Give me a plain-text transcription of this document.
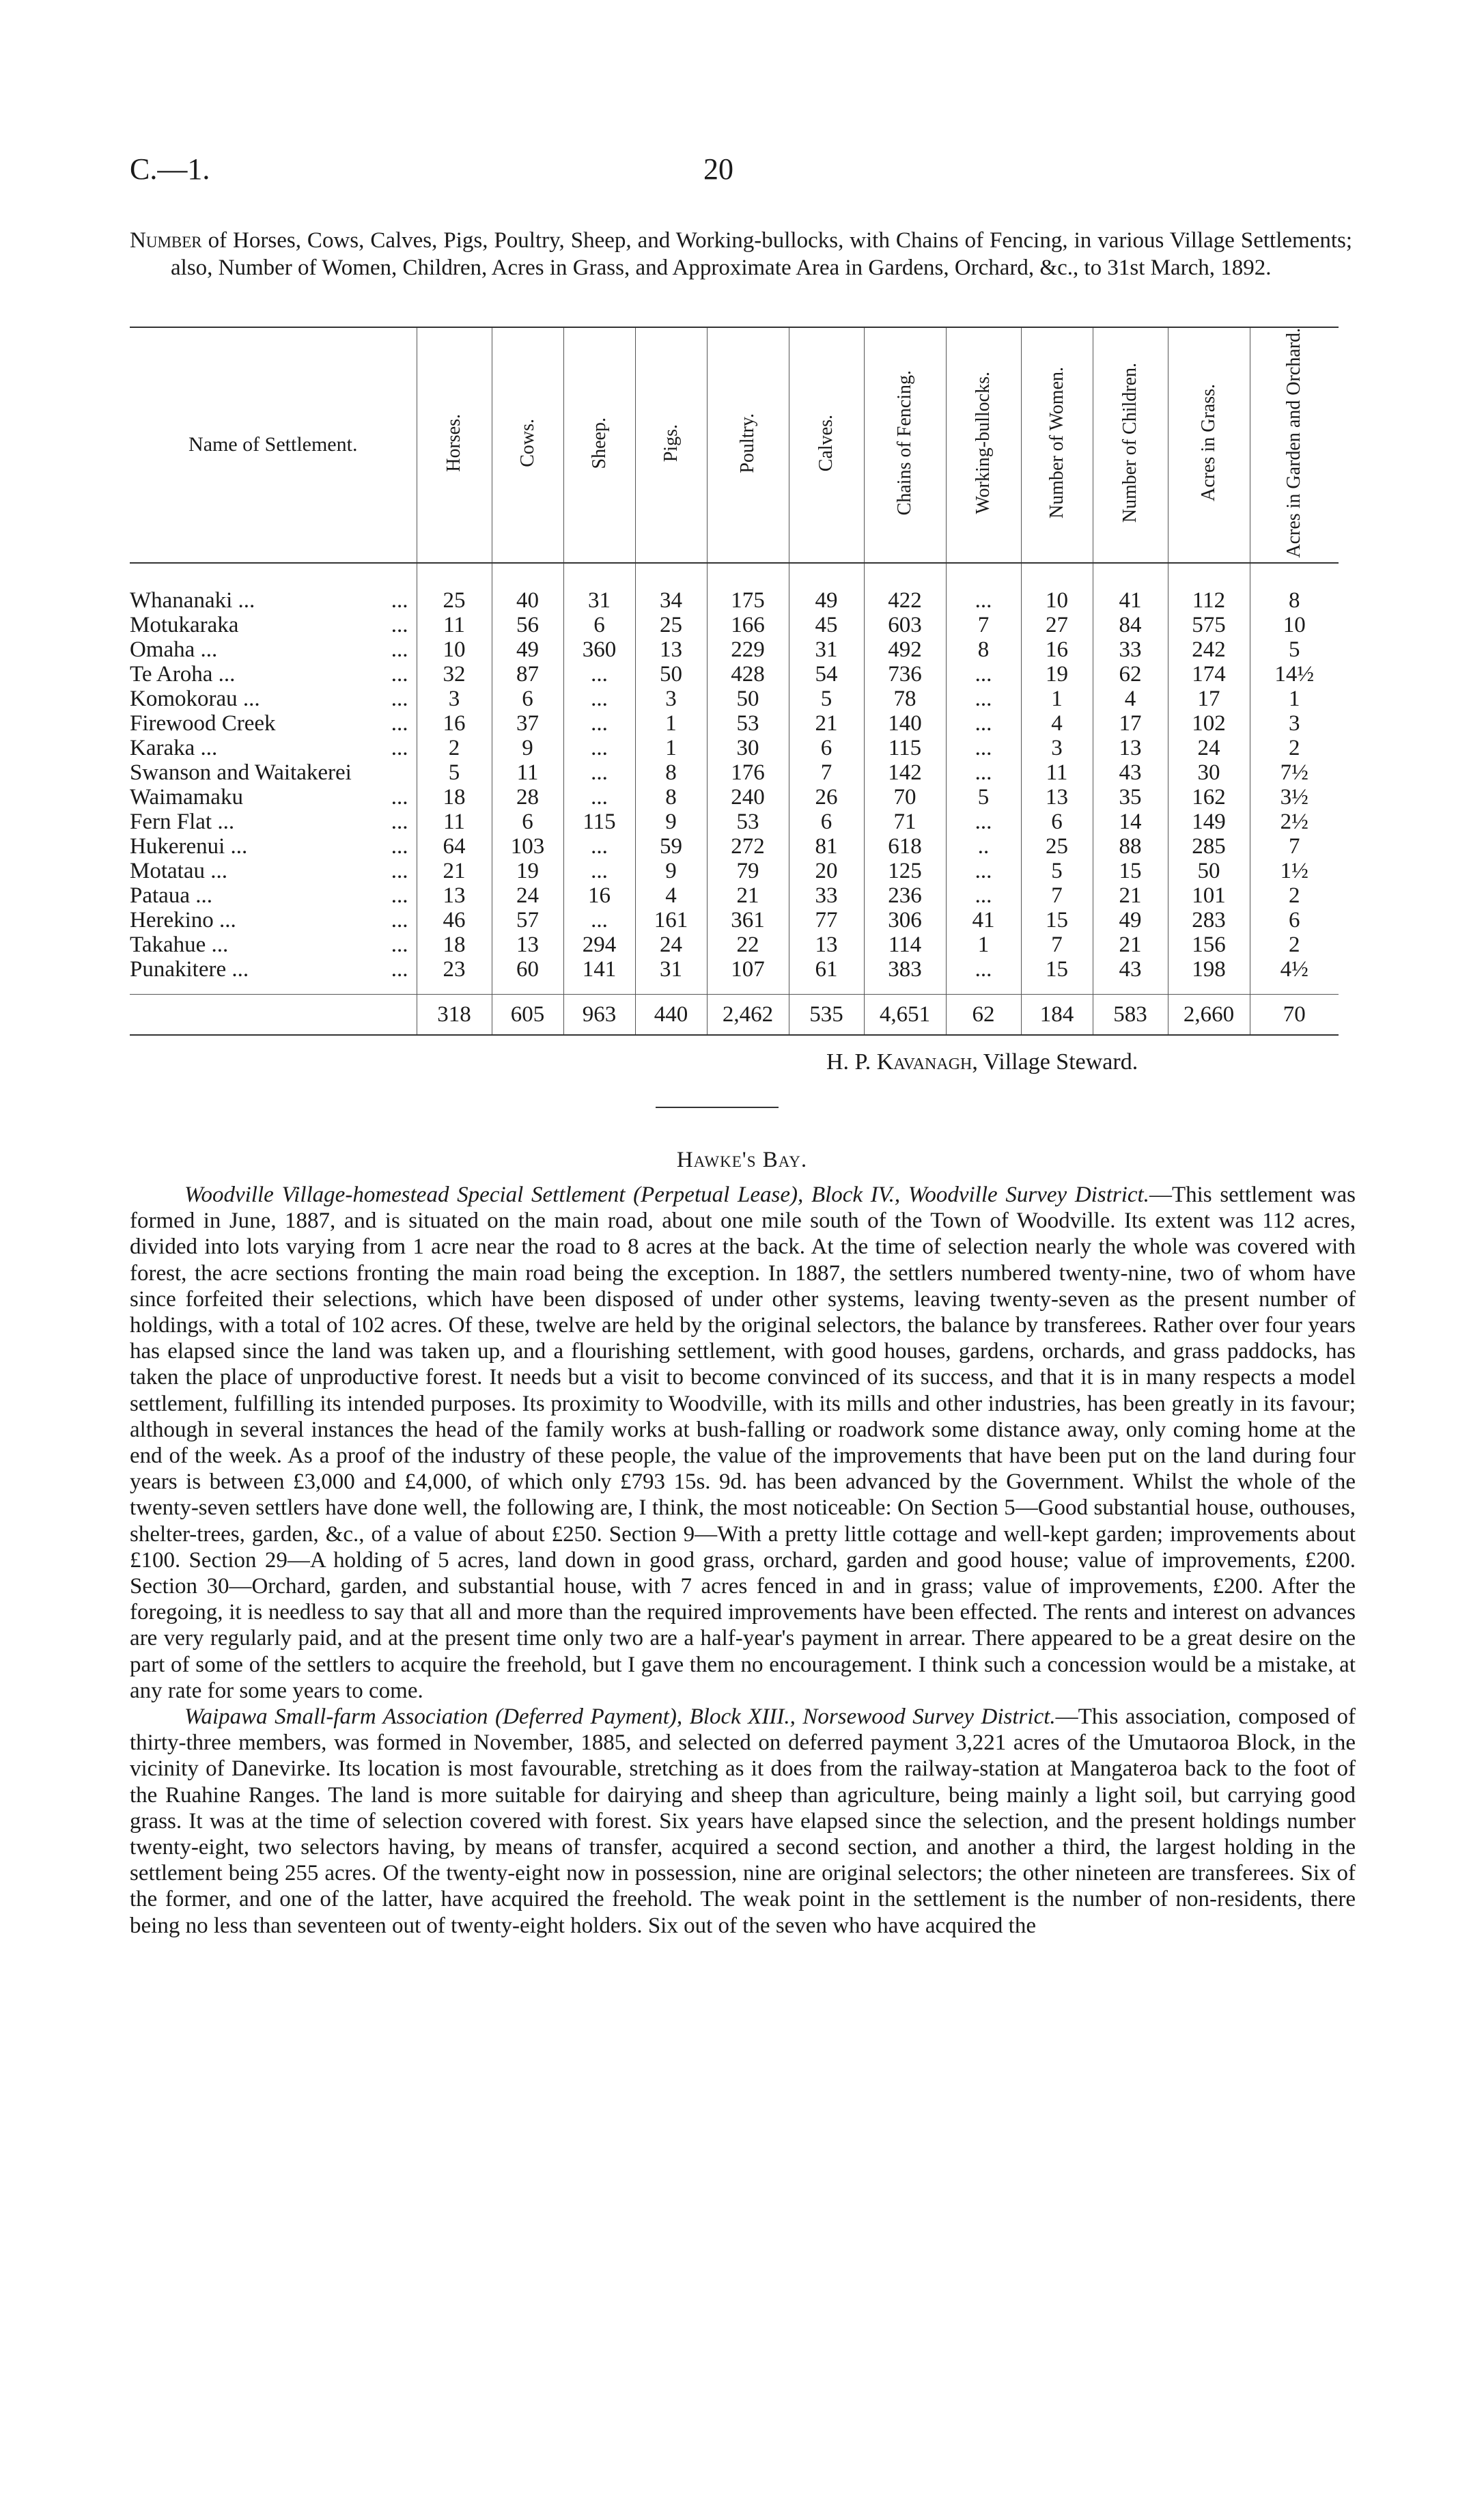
C.—1.	20

Number of Horses, Cows, Calves, Pigs, Poultry, Sheep, and Working-bullocks, with Chains of Fencing, in various Village Settlements; also, Number of Women, Children, Acres in Grass, and Approximate Area in Gardens, Orchard, &c., to 31st March, 1892.

Name of Settlement.	Horses.	Cows.	Sheep.	Pigs.	Poultry.	Calves.	Chains of Fencing.	Working-bullocks.	Number of Women.	Number of Children.	Acres in Grass.	Acres in Garden and Orchard.
Whananaki ... ...	25	40	31	34	175	49	422	...	10	41	112	8
Motukaraka ...	11	56	6	25	166	45	603	7	27	84	575	10
Omaha ... ...	10	49	360	13	229	31	492	8	16	33	242	5
Te Aroha ... ...	32	87	...	50	428	54	736	...	19	62	174	14½
Komokorau ... ...	3	6	...	3	50	5	78	...	1	4	17	1
Firewood Creek ...	16	37	...	1	53	21	140	...	4	17	102	3
Karaka ... ...	2	9	...	1	30	6	115	...	3	13	24	2
Swanson and Waitakerei	5	11	...	8	176	7	142	...	11	43	30	7½
Waimamaku ...	18	28	...	8	240	26	70	5	13	35	162	3½
Fern Flat ... ...	11	6	115	9	53	6	71	...	6	14	149	2½
Hukerenui ... ...	64	103	...	59	272	81	618	..	25	88	285	7
Motatau ... ...	21	19	...	9	79	20	125	...	5	15	50	1½
Pataua ... ...	13	24	16	4	21	33	236	...	7	21	101	2
Herekino ... ...	46	57	...	161	361	77	306	41	15	49	283	6
Takahue ... ...	18	13	294	24	22	13	114	1	7	21	156	2
Punakitere ... ...	23	60	141	31	107	61	383	...	15	43	198	4½
	318	605	963	440	2,462	535	4,651	62	184	583	2,660	70
H. P. Kavanagh, Village Steward.
Hawke's Bay.

Woodville Village-homestead Special Settlement (Perpetual Lease), Block IV., Woodville Survey District.—This settlement was formed in June, 1887, and is situated on the main road, about one mile south of the Town of Woodville. Its extent was 112 acres, divided into lots varying from 1 acre near the road to 8 acres at the back. At the time of selection nearly the whole was covered with forest, the acre sections fronting the main road being the exception. In 1887, the settlers numbered twenty-nine, two of whom have since forfeited their selections, which have been disposed of under other systems, leaving twenty-seven as the present number of holdings, with a total of 102 acres. Of these, twelve are held by the original selectors, the balance by transferees. Rather over four years has elapsed since the land was taken up, and a flourishing settlement, with good houses, gardens, orchards, and grass paddocks, has taken the place of unproductive forest. It needs but a visit to become convinced of its success, and that it is in many respects a model settlement, fulfilling its intended purposes. Its proximity to Woodville, with its mills and other industries, has been greatly in its favour; although in several instances the head of the family works at bush-falling or roadwork some distance away, only coming home at the end of the week. As a proof of the industry of these people, the value of the improvements that have been put on the land during four years is between £3,000 and £4,000, of which only £793 15s. 9d. has been advanced by the Government. Whilst the whole of the twenty-seven settlers have done well, the following are, I think, the most noticeable: On Section 5—Good substantial house, outhouses, shelter-trees, garden, &c., of a value of about £250. Section 9—With a pretty little cottage and well-kept garden; improvements about £100. Section 29—A holding of 5 acres, land down in good grass, orchard, garden and good house; value of improvements, £200. Section 30—Orchard, garden, and substantial house, with 7 acres fenced in and in grass; value of improvements, £200. After the foregoing, it is needless to say that all and more than the required improvements have been effected. The rents and interest on advances are very regularly paid, and at the present time only two are a half-year's payment in arrear. There appeared to be a great desire on the part of some of the settlers to acquire the freehold, but I gave them no encouragement. I think such a concession would be a mistake, at any rate for some years to come.

Waipawa Small-farm Association (Deferred Payment), Block XIII., Norsewood Survey District.—This association, composed of thirty-three members, was formed in November, 1885, and selected on deferred payment 3,221 acres of the Umutaoroa Block, in the vicinity of Danevirke. Its location is most favourable, stretching as it does from the railway-station at Mangateroa back to the foot of the Ruahine Ranges. The land is more suitable for dairying and sheep than agriculture, being mainly a light soil, but carrying good grass. It was at the time of selection covered with forest. Six years have elapsed since the selection, and the present holdings number twenty-eight, two selectors having, by means of transfer, acquired a second section, and another a third, the largest holding in the settlement being 255 acres. Of the twenty-eight now in possession, nine are original selectors; the other nineteen are transferees. Six of the former, and one of the latter, have acquired the freehold. The weak point in the settlement is the number of non-residents, there being no less than seventeen out of twenty-eight holders. Six out of the seven who have acquired the
